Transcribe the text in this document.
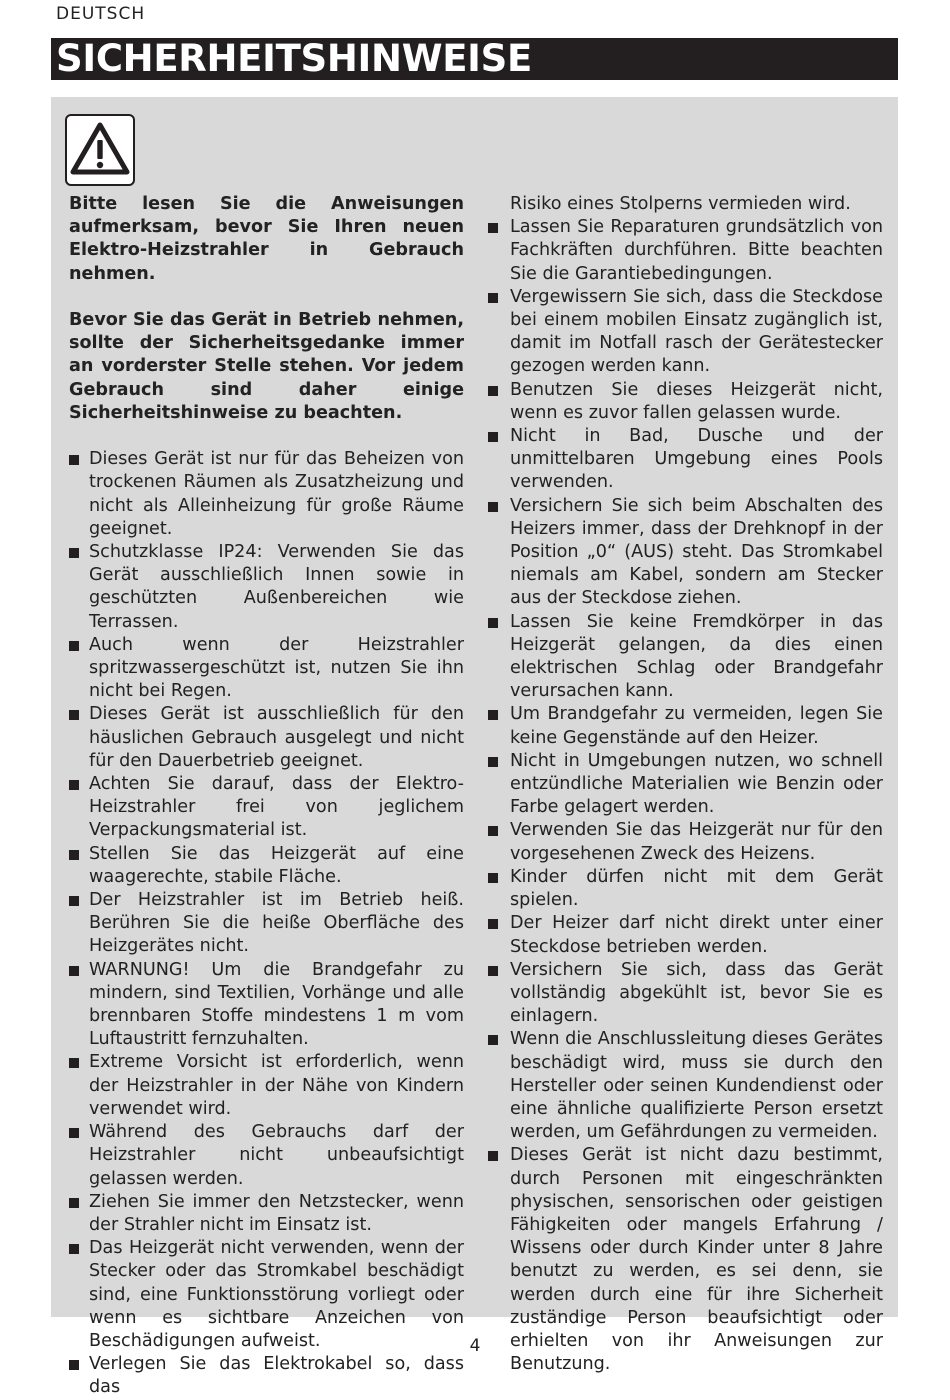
DEUTSCH
SICHERHEITSHINWEISE

Bitte lesen Sie die Anweisungen aufmerksam, bevor Sie Ihren neuen Elektro-Heizstrahler in Gebrauch nehmen.

Bevor Sie das Gerät in Betrieb nehmen, sollte der Sicherheitsgedanke immer an vorderster Stelle stehen. Vor jedem Gebrauch sind daher einige Sicherheitshinweise zu beachten.

Dieses Gerät ist nur für das Beheizen von trockenen Räumen als Zusatzheizung und nicht als Alleinheizung für große Räume geeignet.
Schutzklasse IP24: Verwenden Sie das Gerät ausschließlich Innen sowie in geschützten Außenbereichen wie Terrassen.
Auch wenn der Heizstrahler spritzwassergeschützt ist, nutzen Sie ihn nicht bei Regen.
Dieses Gerät ist ausschließlich für den häuslichen Gebrauch ausgelegt und nicht für den Dauerbetrieb geeignet.
Achten Sie darauf, dass der Elektro-Heizstrahler frei von jeglichem Verpackungsmaterial ist.
Stellen Sie das Heizgerät auf eine waagerechte, stabile Fläche.
Der Heizstrahler ist im Betrieb heiß. Berühren Sie die heiße Oberfläche des Heizgerätes nicht.
WARNUNG! Um die Brandgefahr zu mindern, sind Textilien, Vorhänge und alle brennbaren Stoffe mindestens 1 m vom Luftaustritt fernzuhalten.
Extreme Vorsicht ist erforderlich, wenn der Heizstrahler in der Nähe von Kindern verwendet wird.
Während des Gebrauchs darf der Heizstrahler nicht unbeaufsichtigt gelassen werden.
Ziehen Sie immer den Netzstecker, wenn der Strahler nicht im Einsatz ist.
Das Heizgerät nicht verwenden, wenn der Stecker oder das Stromkabel beschädigt sind, eine Funktionsstörung vorliegt oder wenn es sichtbare Anzeichen von Beschädigungen aufweist.
Verlegen Sie das Elektrokabel so, dass das
Risiko eines Stolperns vermieden wird.
Lassen Sie Reparaturen grundsätzlich von Fachkräften durchführen. Bitte beachten Sie die Garantiebedingungen.
Vergewissern Sie sich, dass die Steckdose bei einem mobilen Einsatz zugänglich ist, damit im Notfall rasch der Gerätestecker gezogen werden kann.
Benutzen Sie dieses Heizgerät nicht, wenn es zuvor fallen gelassen wurde.
Nicht in Bad, Dusche und der unmittelbaren Umgebung eines Pools verwenden.
Versichern Sie sich beim Abschalten des Heizers immer, dass der Drehknopf in der Position „0“ (AUS) steht. Das Stromkabel niemals am Kabel, sondern am Stecker aus der Steckdose ziehen.
Lassen Sie keine Fremdkörper in das Heizgerät gelangen, da dies einen elektrischen Schlag oder Brandgefahr verursachen kann.
Um Brandgefahr zu vermeiden, legen Sie keine Gegenstände auf den Heizer.
Nicht in Umgebungen nutzen, wo schnell entzündliche Materialien wie Benzin oder Farbe gelagert werden.
Verwenden Sie das Heizgerät nur für den vorgesehenen Zweck des Heizens.
Kinder dürfen nicht mit dem Gerät spielen.
Der Heizer darf nicht direkt unter einer Steckdose betrieben werden.
Versichern Sie sich, dass das Gerät vollständig abgekühlt ist, bevor Sie es einlagern.
Wenn die Anschlussleitung dieses Gerätes beschädigt wird, muss sie durch den Hersteller oder seinen Kundendienst oder eine ähnliche qualifizierte Person ersetzt werden, um Gefährdungen zu vermeiden.
Dieses Gerät ist nicht dazu bestimmt, durch Personen mit eingeschränkten physischen, sensorischen oder geistigen Fähigkeiten oder mangels Erfahrung / Wissens oder durch Kinder unter 8 Jahre benutzt zu werden, es sei denn, sie werden durch eine für ihre Sicherheit zuständige Person beaufsichtigt oder erhielten von ihr Anweisungen zur Benutzung.
4
